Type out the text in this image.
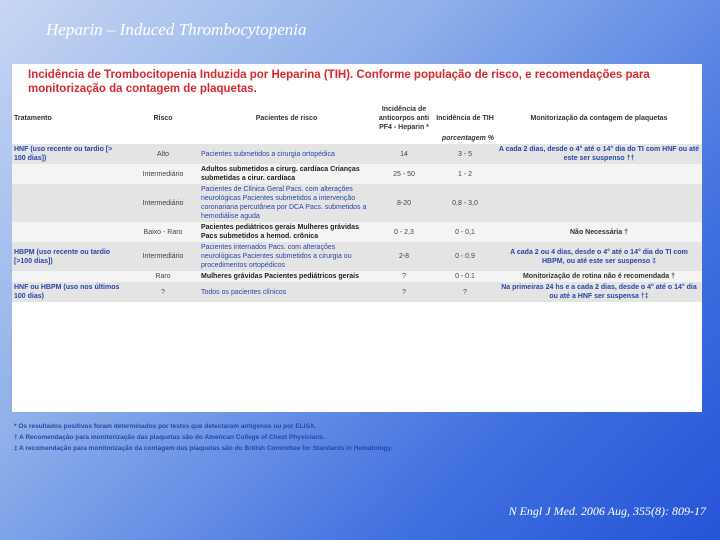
Heparin – Induced Thrombocytopenia
Incidência de Trombocitopenia Induzida por Heparina (TIH). Conforme população de risco, e recomendações para monitorização da contagem de plaquetas.
Tratamento	Risco	Pacientes de risco	Incidência de anticorpos anti PF4 - Heparin *	Incidência de TIH	Monitorização da contagem de plaquetas
porcentagem %					
HNF (uso recente ou tardio [> 100 dias])	Alto	Pacientes submetidos a cirurgia ortopédica	14	3 - 5	A cada 2 dias, desde o 4° até o 14° dia do TI com HNF ou até este ser suspenso ††
	Intermediário	Adultos submetidos a cirurg. cardíaca Crianças submetidas a cirur. cardíaca	25 - 50	1 - 2	
	Intermediário	Pacientes de Clínica Geral Pacs. com alterações neurológicas Pacientes submetidos a intervenção coronariana percutânea por DCA Pacs. submetidos a hemodiálise aguda	8-20	0,8 - 3,0	
	Baixo - Raro	Pacientes pediátricos gerais Mulheres grávidas Pacs submetidos a hemod. crônica	0 - 2,3	0 - 0,1	Não Necessária †
HBPM (uso recente ou tardio [>100 dias])	Intermediário	Pacientes internados Pacs. com alterações neurológicas Pacientes submetidos a cirurgia ou procedimentos ortopédicos	2-8	0 - 0.9	A cada 2 ou 4 dias, desde o 4° até o 14° dia do TI com HBPM, ou até este ser suspenso ‡
	Raro	Mulheres grávidas Pacientes pediátricos gerais	?	0 - 0.1	Monitorização de rotina não é recomendada †
HNF ou HBPM (uso nos últimos 100 dias)	?	Todos os pacientes clínicos	?	?	Na primeiras 24 hs e a cada 2 dias, desde o 4° até o 14° dia ou até a HNF ser suspensa †‡
* Os resultados positivos foram determinados por testes que detectaram antígenos ou por ELISA.
† A Recomendação para monitorização das plaquetas são do American College of Chest Physicians.
‡ A recomendação para monitorização da contagem das plaquetas são do British Committee for Standards in Hematology.
N Engl J Med. 2006 Aug, 355(8): 809-17
